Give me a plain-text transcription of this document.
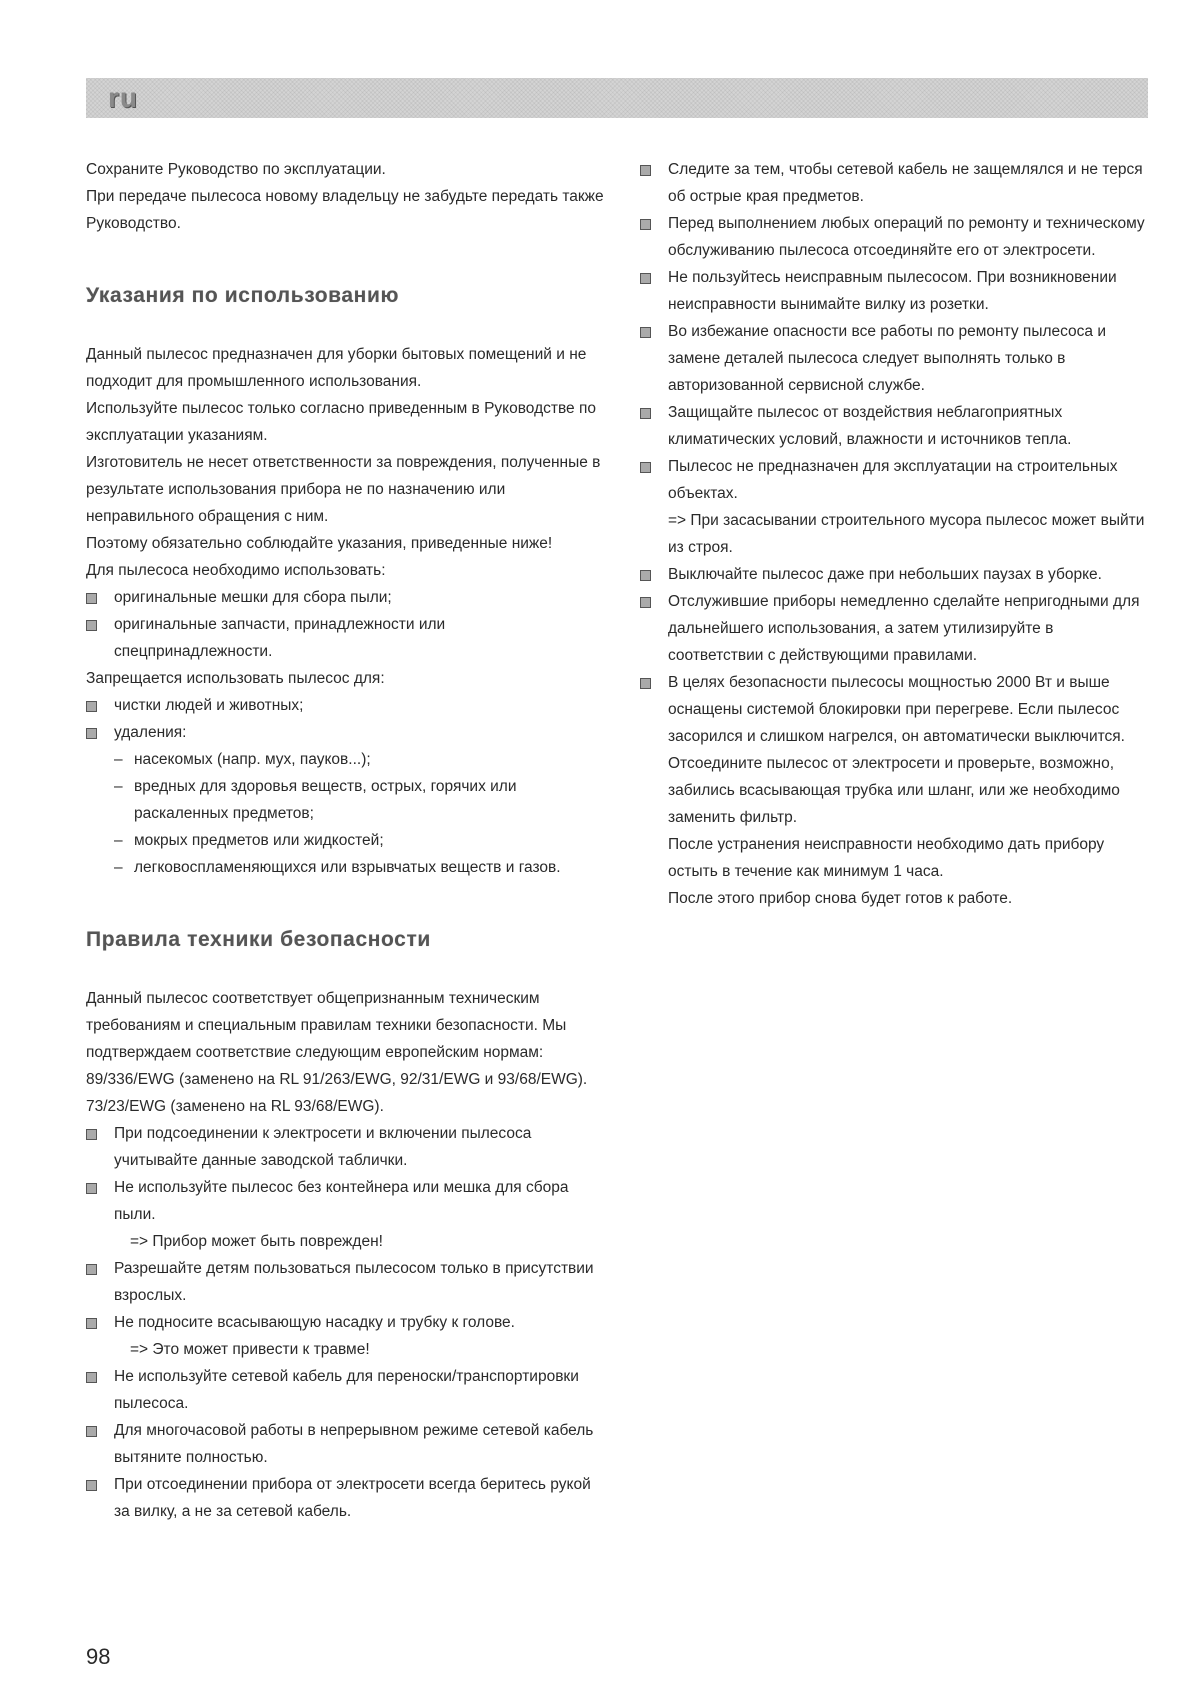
ru

Сохраните Руководство по эксплуатации.

При передаче пылесоса новому владельцу не забудьте передать также Руководство.

Указания по использованию

Данный пылесос предназначен для уборки бытовых помещений и не подходит для промышленного использования.

Используйте пылесос только согласно приведенным в Руководстве по эксплуатации указаниям.

Изготовитель не несет ответственности за повреждения, полученные в результате использования прибора не по назначению или неправильного обращения с ним.

Поэтому обязательно соблюдайте указания, приведенные ниже!

Для пылесоса необходимо использовать:

оригинальные мешки для сбора пыли;

оригинальные запчасти, принадлежности или спецпринадлежности.

Запрещается использовать пылесос для:

чистки людей и животных;

удаления:

– насекомых (напр. мух, пауков...);

– вредных для здоровья веществ, острых, горячих или раскаленных предметов;

– мокрых предметов или жидкостей;

– легковоспламеняющихся или взрывчатых веществ и газов.

Правила техники безопасности

Данный пылесос соответствует общепризнанным техническим требованиям и специальным правилам техники безопасности. Мы подтверждаем соответствие следующим европейским нормам: 89/336/EWG (заменено на RL 91/263/EWG, 92/31/EWG и 93/68/EWG). 73/23/EWG (заменено на RL 93/68/EWG).

При подсоединении к электросети и включении пылесоса учитывайте данные заводской таблички.

Не используйте пылесос без контейнера или мешка для сбора пыли.

=> Прибор может быть поврежден!

Разрешайте детям пользоваться пылесосом только в присутствии взрослых.

Не подносите всасывающую насадку и трубку к голове.

=> Это может привести к травме!

Не используйте сетевой кабель для переноски/транспортировки пылесоса.

Для многочасовой работы в непрерывном режиме сетевой кабель вытяните полностью.

При отсоединении прибора от электросети всегда беритесь рукой за вилку, а не за сетевой кабель.

Следите за тем, чтобы сетевой кабель не защемлялся и не терся об острые края предметов.

Перед выполнением любых операций по ремонту и техническому обслуживанию пылесоса отсоединяйте его от электросети.

Не пользуйтесь неисправным пылесосом. При возникновении неисправности вынимайте вилку из розетки.

Во избежание опасности все работы по ремонту пылесоса и замене деталей пылесоса следует выполнять только в авторизованной сервисной службе.

Защищайте пылесос от воздействия неблагоприятных климатических условий, влажности и источников тепла.

Пылесос не предназначен для эксплуатации на строительных объектах.

=> При засасывании строительного мусора пылесос может выйти из строя.

Выключайте пылесос даже при небольших паузах в уборке.

Отслужившие приборы немедленно сделайте непригодными для дальнейшего использования, а затем утилизируйте в соответствии с действующими правилами.

В целях безопасности пылесосы мощностью 2000 Вт и выше оснащены системой блокировки при перегреве. Если пылесос засорился и слишком нагрелся, он автоматически выключится. Отсоедините пылесос от электросети и проверьте, возможно, забились всасывающая трубка или шланг, или же необходимо заменить фильтр.

После устранения неисправности необходимо дать прибору остыть в течение как минимум 1 часа.

После этого прибор снова будет готов к работе.

98
